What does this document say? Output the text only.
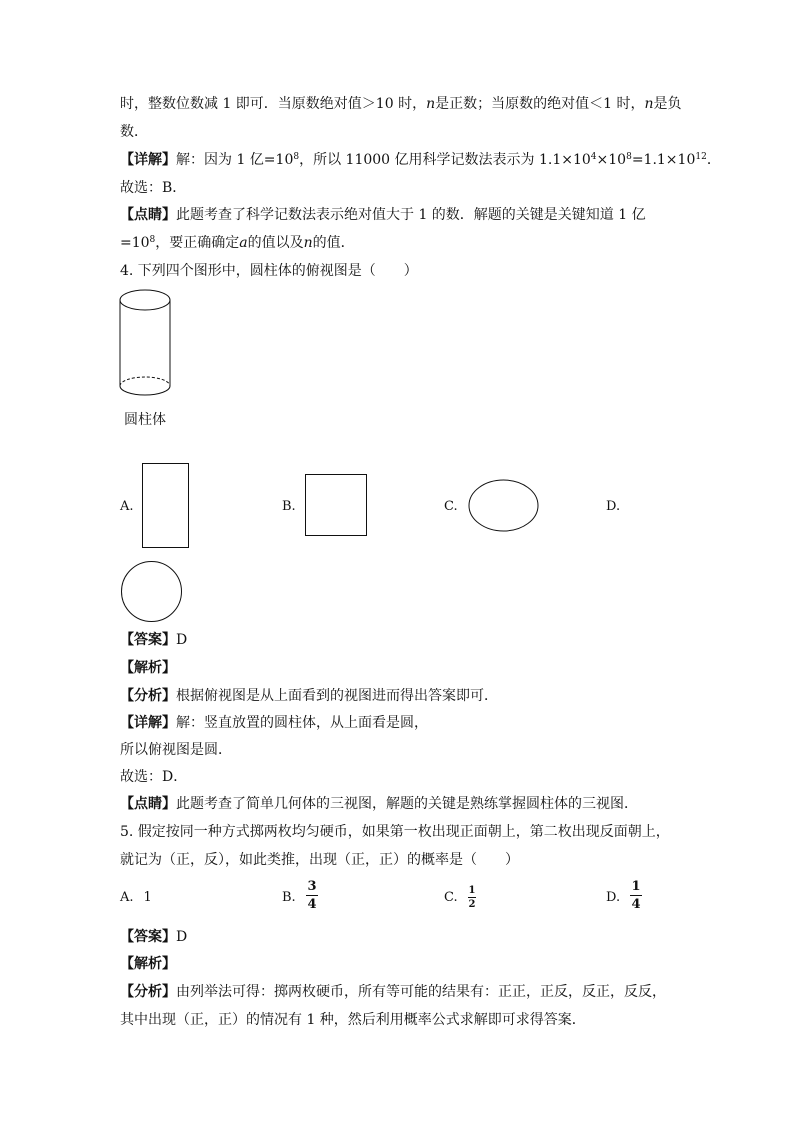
时，整数位数减 1 即可．当原数绝对值＞10 时，n是正数；当原数的绝对值＜1 时，n是负
数．
【详解】解：因为 1 亿$=10^8$，所以 11000 亿用科学记数法表示为 $1.1\times 10^4\times 10^8=1.1\times 10^{12}$．
故选：B．
【点睛】此题考查了科学记数法表示绝对值大于 1 的数．解题的关键是关键知道 1 亿
$=10^8$，要正确确定a的值以及n的值．
4. 下列四个图形中，圆柱体的俯视图是（　　）
圆柱体
A.	B.	C.	D.
【答案】D
【解析】
【分析】根据俯视图是从上面看到的视图进而得出答案即可．
【详解】解：竖直放置的圆柱体，从上面看是圆，
所以俯视图是圆．
故选：D．
【点睛】此题考查了简单几何体的三视图，解题的关键是熟练掌握圆柱体的三视图．
5. 假定按同一种方式掷两枚均匀硬币，如果第一枚出现正面朝上，第二枚出现反面朝上，
就记为（正，反），如此类推，出现（正，正）的概率是（　　）
A. 1	B.
3
4	C. 1
2	D.
1
4
【答案】D
【解析】
【分析】由列举法可得：掷两枚硬币，所有等可能的结果有：正正，正反，反正，反反，
其中出现（正，正）的情况有 1 种，然后利用概率公式求解即可求得答案．
